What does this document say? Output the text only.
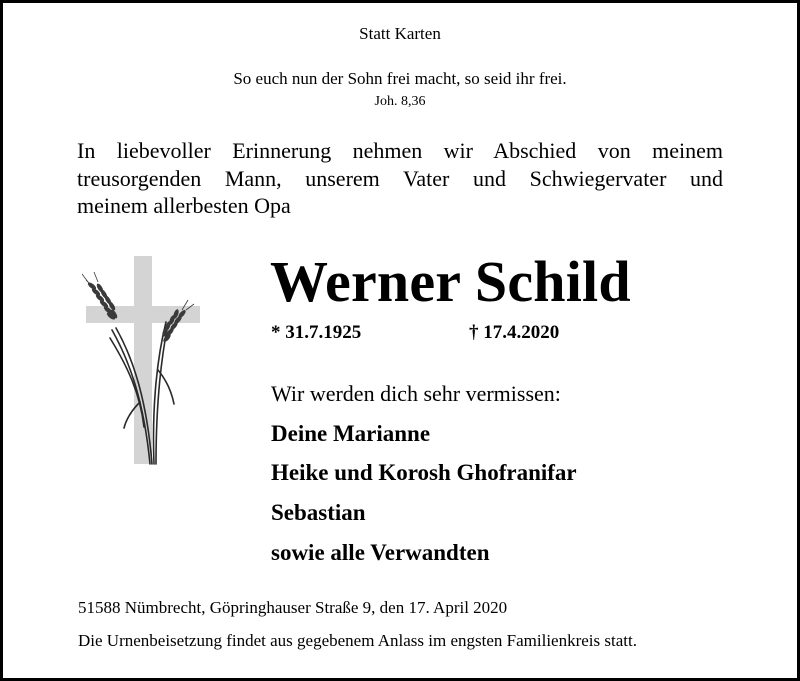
Statt Karten
So euch nun der Sohn frei macht, so seid ihr frei.
Joh. 8,36
In liebevoller Erinnerung nehmen wir Abschied von meinem
treusorgenden Mann, unserem Vater und Schwiegervater und
meinem allerbesten Opa
Werner Schild
* 31.7.1925	† 17.4.2020
Wir werden dich sehr vermissen:
Deine Marianne
Heike und Korosh Ghofranifar
Sebastian
sowie alle Verwandten
51588 Nümbrecht, Göpringhauser Straße 9, den 17. April 2020
Die Urnenbeisetzung findet aus gegebenem Anlass im engsten Familienkreis statt.
